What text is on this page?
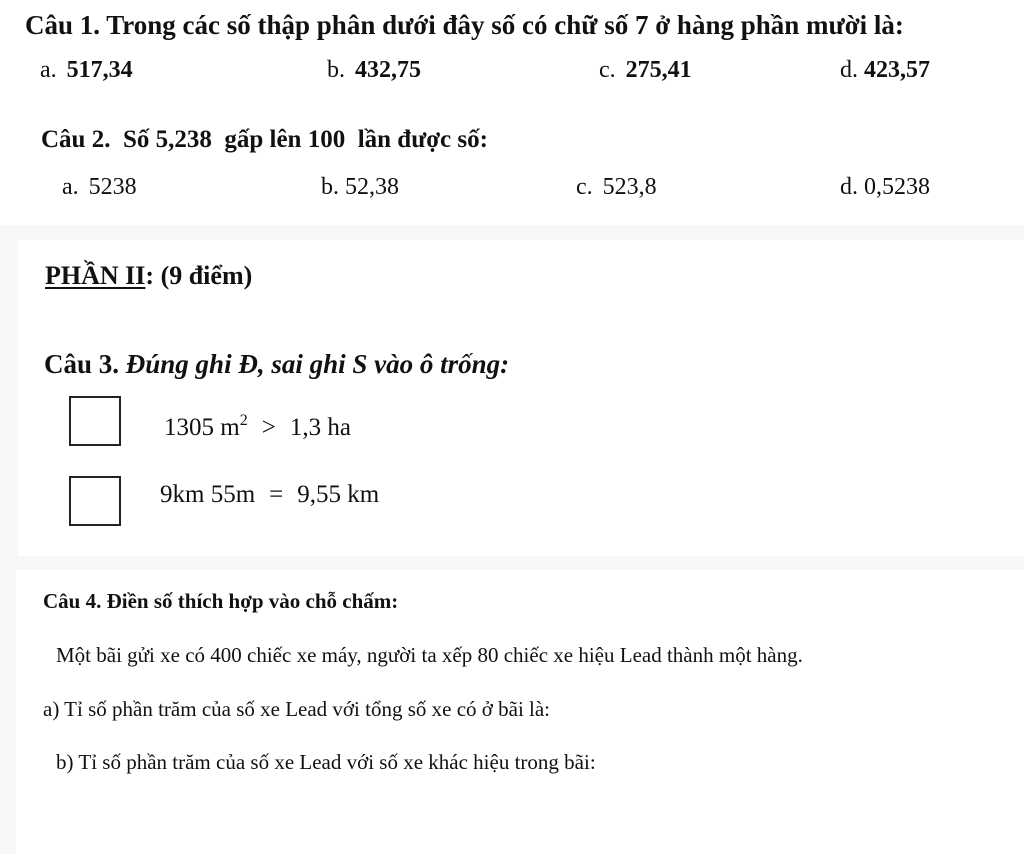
Câu 1. Trong các số thập phân dưới đây số có chữ số 7 ở hàng phần mười là:
a. 517,34	b. 432,75	c. 275,41	d. 423,57
Câu 2.  Số 5,238  gấp lên 100  lần được số:
a. 5238	b. 52,38	c. 523,8	d. 0,5238
PHẦN II: (9 điểm)
Câu 3. Đúng ghi Đ, sai ghi S vào ô trống:
1305 $m^2 > 1,3$ ha
9km 55m = 9,55 km
Câu 4. Điền số thích hợp vào chỗ chấm:
Một bãi gửi xe có 400 chiếc xe máy, người ta xếp 80 chiếc xe hiệu Lead thành một hàng.
a) Tỉ số phần trăm của số xe Lead với tổng số xe có ở bãi là:
b) Tỉ số phần trăm của số xe Lead với số xe khác hiệu trong bãi:
